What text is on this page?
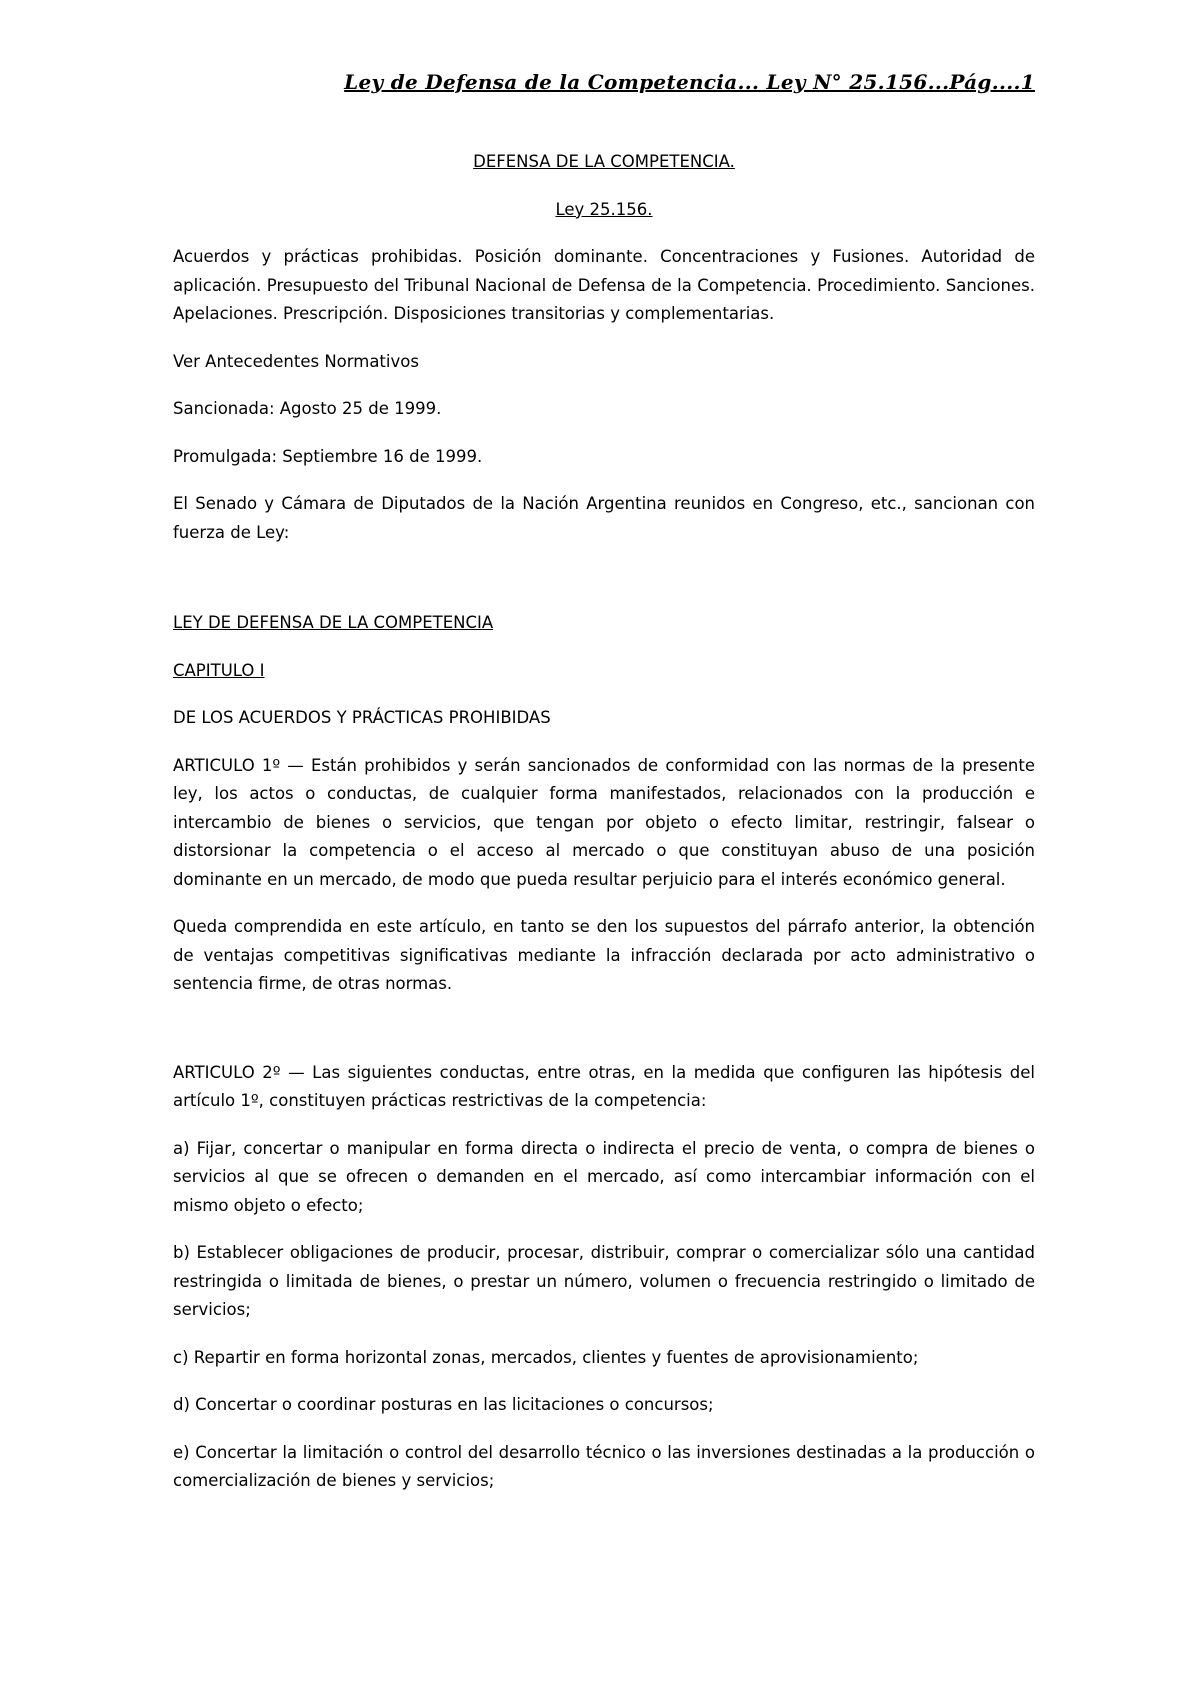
Ley de Defensa de la Competencia... Ley N° 25.156...Pág....1
DEFENSA DE LA COMPETENCIA.
Ley 25.156.

Acuerdos y prácticas prohibidas. Posición dominante. Concentraciones y Fusiones. Autoridad de aplicación. Presupuesto del Tribunal Nacional de Defensa de la Competencia. Procedimiento. Sanciones. Apelaciones. Prescripción. Disposiciones transitorias y complementarias.

Ver Antecedentes Normativos

Sancionada: Agosto 25 de 1999.

Promulgada: Septiembre 16 de 1999.

El Senado y Cámara de Diputados de la Nación Argentina reunidos en Congreso, etc., sancionan con fuerza de Ley:

LEY DE DEFENSA DE LA COMPETENCIA

CAPITULO I

DE LOS ACUERDOS Y PRÁCTICAS PROHIBIDAS

ARTICULO 1º — Están prohibidos y serán sancionados de conformidad con las normas de la presente ley, los actos o conductas, de cualquier forma manifestados, relacionados con la producción e intercambio de bienes o servicios, que tengan por objeto o efecto limitar, restringir, falsear o distorsionar la competencia o el acceso al mercado o que constituyan abuso de una posición dominante en un mercado, de modo que pueda resultar perjuicio para el interés económico general.

Queda comprendida en este artículo, en tanto se den los supuestos del párrafo anterior, la obtención de ventajas competitivas significativas mediante la infracción declarada por acto administrativo o sentencia firme, de otras normas.

ARTICULO 2º — Las siguientes conductas, entre otras, en la medida que configuren las hipótesis del artículo 1º, constituyen prácticas restrictivas de la competencia:

a) Fijar, concertar o manipular en forma directa o indirecta el precio de venta, o compra de bienes o servicios al que se ofrecen o demanden en el mercado, así como intercambiar información con el mismo objeto o efecto;

b) Establecer obligaciones de producir, procesar, distribuir, comprar o comercializar sólo una cantidad restringida o limitada de bienes, o prestar un número, volumen o frecuencia restringido o limitado de servicios;

c) Repartir en forma horizontal zonas, mercados, clientes y fuentes de aprovisionamiento;

d) Concertar o coordinar posturas en las licitaciones o concursos;

e) Concertar la limitación o control del desarrollo técnico o las inversiones destinadas a la producción o comercialización de bienes y servicios;
